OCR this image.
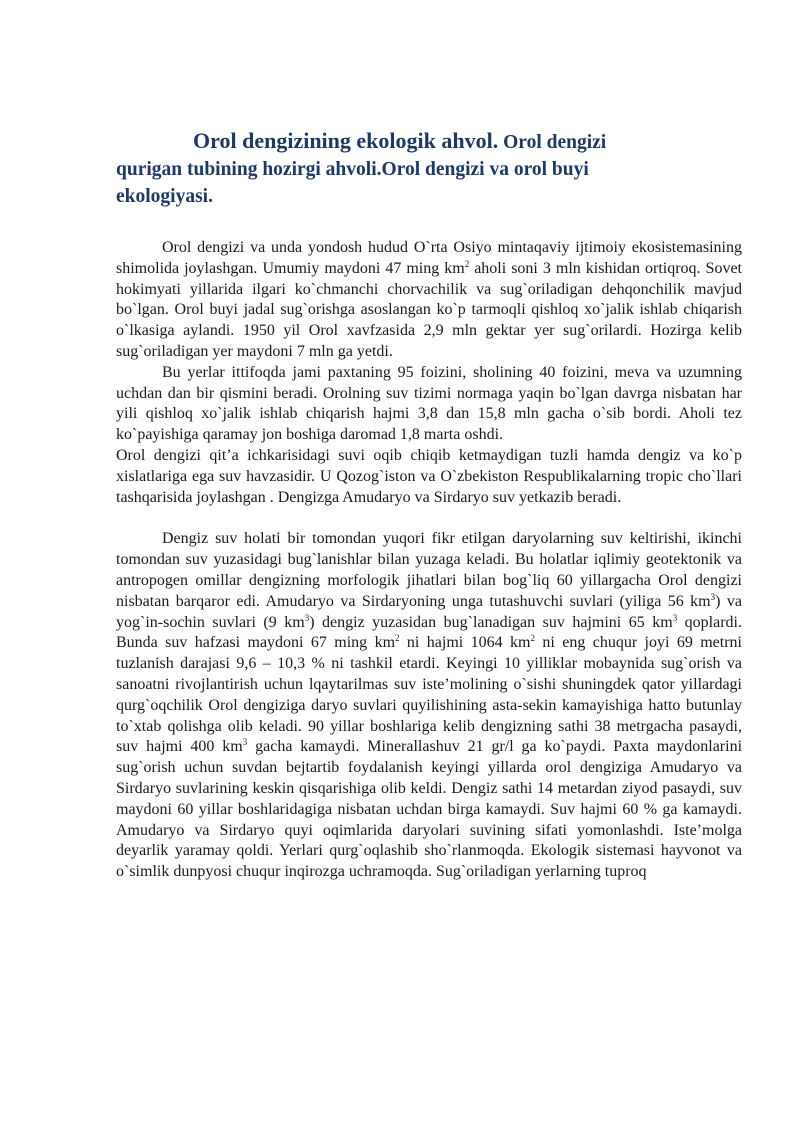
Orol dengizining ekologik ahvol. Orol dengizi qurigan tubining hozirgi ahvoli.Orol dengizi va orol buyi ekologiyasi.

Orol dengizi va unda yondosh hudud O`rta Osiyo mintaqaviy ijtimoiy ekosistemasining shimolida joylashgan. Umumiy maydoni 47 ming $km^2$ aholi soni 3 mln kishidan ortiqroq. Sovet hokimyati yillarida ilgari ko`chmanchi chorvachilik va sug`oriladigan dehqonchilik mavjud bo`lgan. Orol buyi jadal sug`orishga asoslangan ko`p tarmoqli qishloq xo`jalik ishlab chiqarish o`lkasiga aylandi. 1950 yil Orol xavfzasida 2,9 mln gektar yer sug`orilardi. Hozirga kelib sug`oriladigan yer maydoni 7 mln ga yetdi.

Bu yerlar ittifoqda jami paxtaning 95 foizini, sholining 40 foizini, meva va uzumning uchdan dan bir qismini beradi. Orolning suv tizimi normaga yaqin bo`lgan davrga nisbatan har yili qishloq xo`jalik ishlab chiqarish hajmi 3,8 dan 15,8 mln gacha o`sib bordi. Aholi tez ko`payishiga qaramay jon boshiga daromad 1,8 marta oshdi.

Orol dengizi qit’a ichkarisidagi suvi oqib chiqib ketmaydigan tuzli hamda dengiz va ko`p xislatlariga ega suv havzasidir. U Qozog`iston va O`zbekiston Respublikalarning tropic cho`llari tashqarisida joylashgan . Dengizga Amudaryo va Sirdaryo suv yetkazib beradi.

Dengiz suv holati bir tomondan yuqori fikr etilgan daryolarning suv keltirishi, ikinchi tomondan suv yuzasidagi bug`lanishlar bilan yuzaga keladi. Bu holatlar iqlimiy geotektonik va antropogen omillar dengizning morfologik jihatlari bilan bog`liq 60 yillargacha Orol dengizi nisbatan barqaror edi. Amudaryo va Sirdaryoning unga tutashuvchi suvlari (yiliga 56 $km^3$) va yog`in-sochin suvlari (9 $km^3$) dengiz yuzasidan bug`lanadigan suv hajmini 65 $km^3$ qoplardi. Bunda suv hafzasi maydoni 67 ming $km^2$ ni hajmi 1064 $km^2$ ni eng chuqur joyi 69 metrni tuzlanish darajasi 9,6 – 10,3 % ni tashkil etardi. Keyingi 10 yilliklar mobaynida sug`orish va sanoatni rivojlantirish uchun lqaytarilmas suv iste’molining o`sishi shuningdek qator yillardagi qurg`oqchilik Orol dengiziga daryo suvlari quyilishining asta-sekin kamayishiga hatto butunlay to`xtab qolishga olib keladi. 90 yillar boshlariga kelib dengizning sathi 38 metrgacha pasaydi, suv hajmi 400 $km^3$ gacha kamaydi. Minerallashuv 21 gr/l ga ko`paydi. Paxta maydonlarini sug`orish uchun suvdan bejtartib foydalanish keyingi yillarda orol dengiziga Amudaryo va Sirdaryo suvlarining keskin qisqarishiga olib keldi. Dengiz sathi 14 metardan ziyod pasaydi, suv maydoni 60 yillar boshlaridagiga nisbatan uchdan birga kamaydi. Suv hajmi 60 % ga kamaydi. Amudaryo va Sirdaryo quyi oqimlarida daryolari suvining sifati yomonlashdi. Iste’molga deyarlik yaramay qoldi. Yerlari qurg`oqlashib sho`rlanmoqda. Ekologik sistemasi hayvonot va o`simlik dunpyosi chuqur inqirozga uchramoqda. Sug`oriladigan yerlarning tuproq
